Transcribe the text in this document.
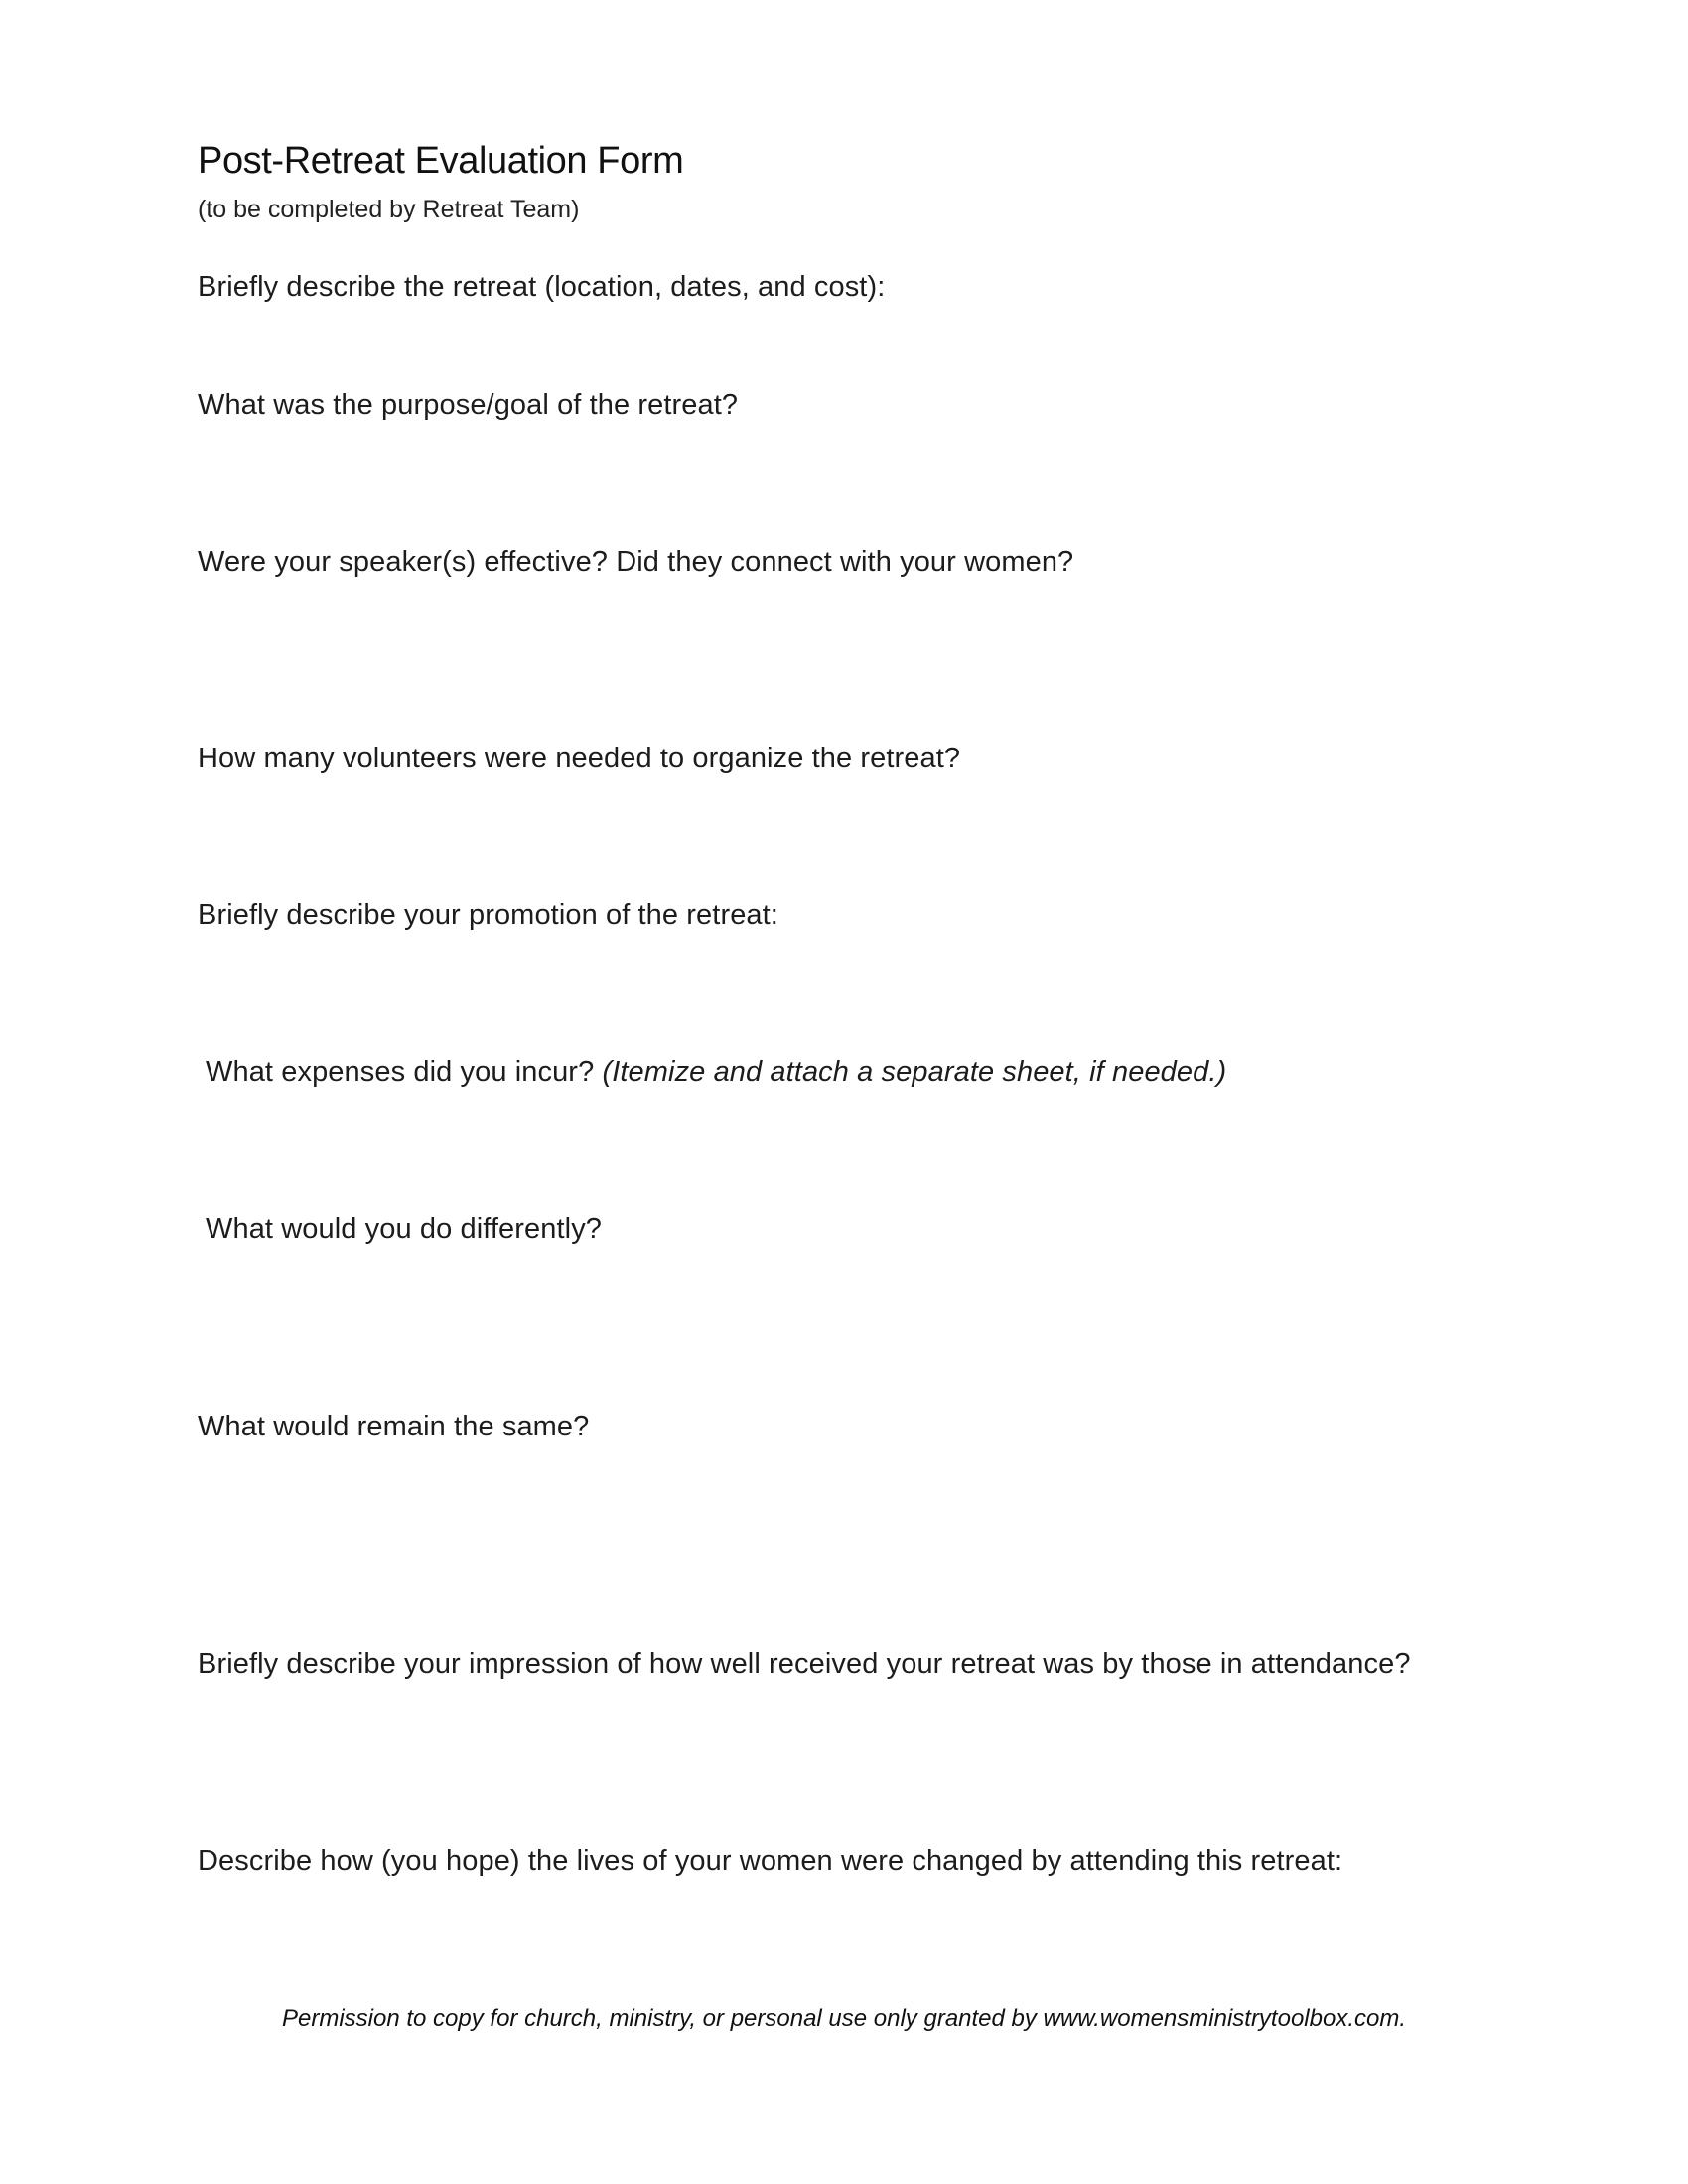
Post-Retreat Evaluation Form
(to be completed by Retreat Team)
Briefly describe the retreat (location, dates, and cost):
What was the purpose/goal of the retreat?
Were your speaker(s) effective? Did they connect with your women?
How many volunteers were needed to organize the retreat?
Briefly describe your promotion of the retreat:
What expenses did you incur? (Itemize and attach a separate sheet, if needed.)
What would you do differently?
What would remain the same?
Briefly describe your impression of how well received your retreat was by those in attendance?
Describe how (you hope) the lives of your women were changed by attending this retreat:
Permission to copy for church, ministry, or personal use only granted by www.womensministrytoolbox.com.
